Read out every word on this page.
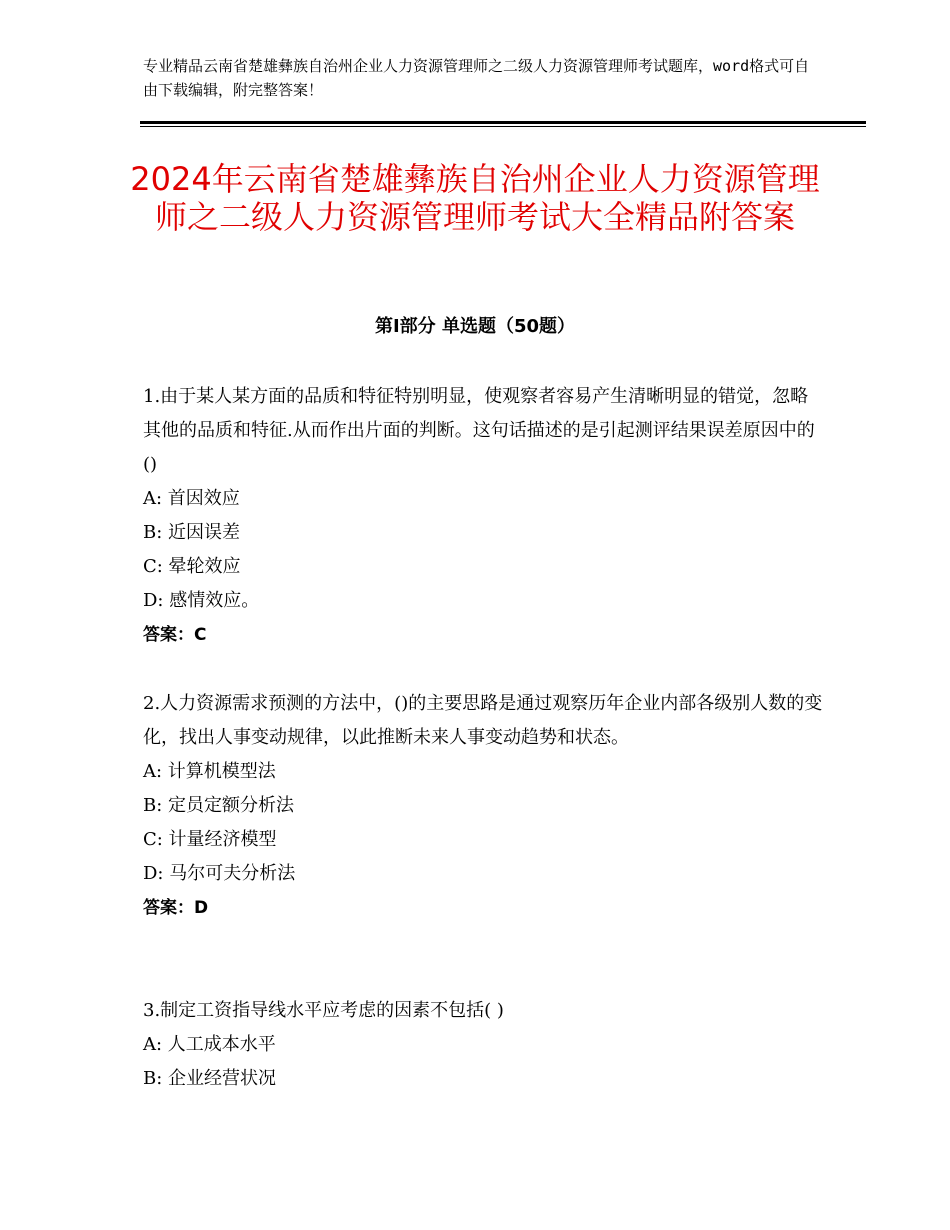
专业精品云南省楚雄彝族自治州企业人力资源管理师之二级人力资源管理师考试题库，word格式可自由下载编辑，附完整答案！
2024年云南省楚雄彝族自治州企业人力资源管理师之二级人力资源管理师考试大全精品附答案
第Ⅰ部分 单选题（50题）
1.由于某人某方面的品质和特征特别明显，使观察者容易产生清晰明显的错觉，忽略其他的品质和特征.从而作出片面的判断。这句话描述的是引起测评结果误差原因中的()
A: 首因效应
B: 近因误差
C: 晕轮效应
D: 感情效应。
答案：C
2.人力资源需求预测的方法中，()的主要思路是通过观察历年企业内部各级别人数的变化，找出人事变动规律，以此推断未来人事变动趋势和状态。
A: 计算机模型法
B: 定员定额分析法
C: 计量经济模型
D: 马尔可夫分析法
答案：D
3.制定工资指导线水平应考虑的因素不包括( )
A: 人工成本水平
B: 企业经营状况
